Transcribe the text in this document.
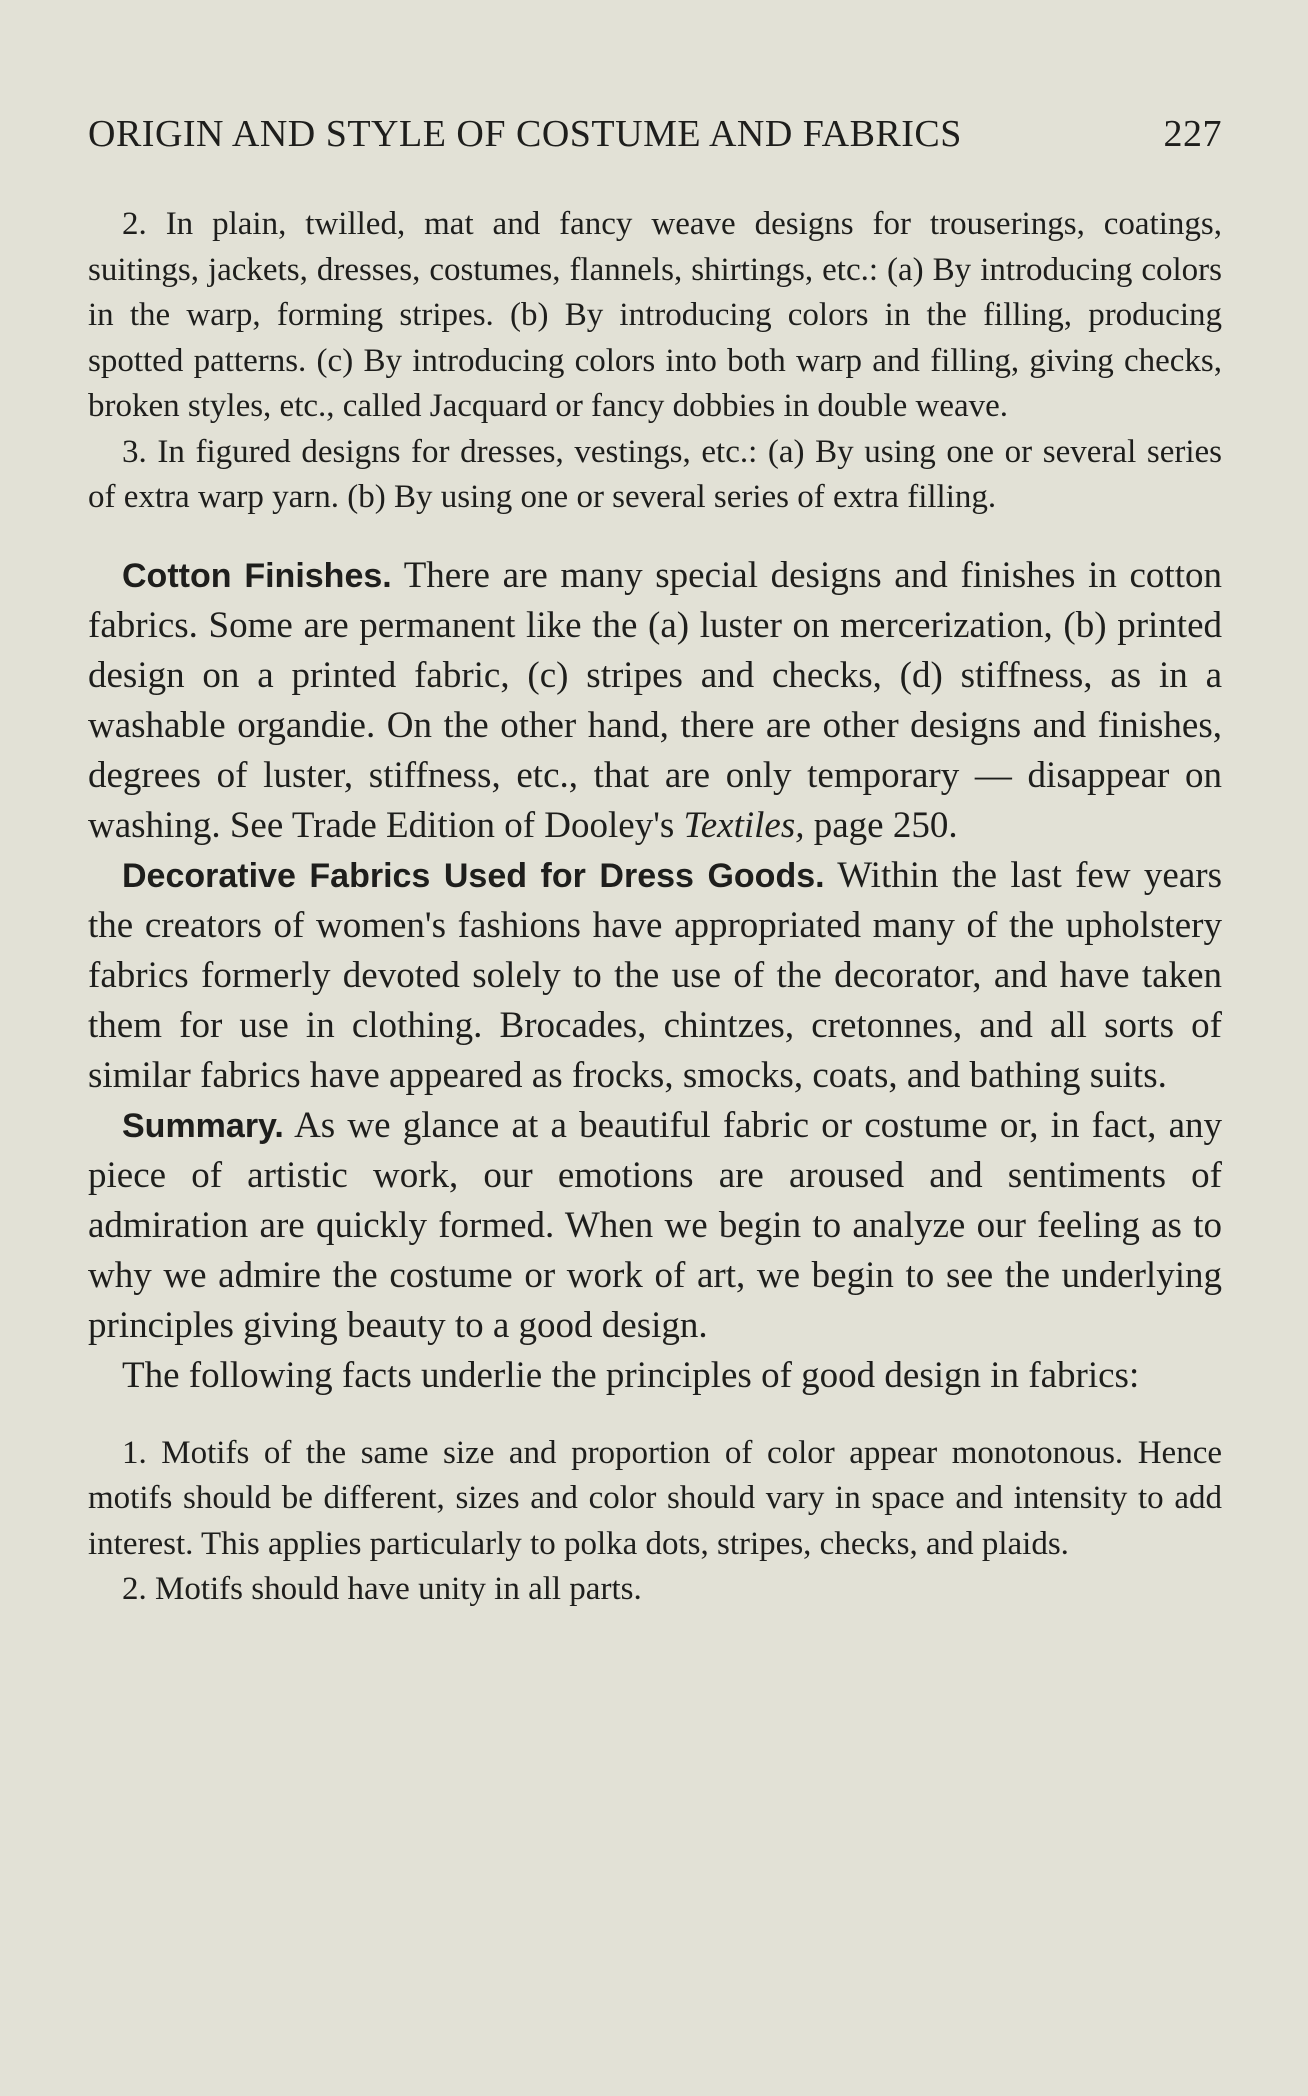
ORIGIN AND STYLE OF COSTUME AND FABRICS	227

2. In plain, twilled, mat and fancy weave designs for trouserings, coatings, suitings, jackets, dresses, costumes, flannels, shirtings, etc.: (a) By introducing colors in the warp, forming stripes. (b) By introducing colors in the filling, producing spotted patterns. (c) By introducing colors into both warp and filling, giving checks, broken styles, etc., called Jacquard or fancy dobbies in double weave.

3. In figured designs for dresses, vestings, etc.: (a) By using one or several series of extra warp yarn. (b) By using one or several series of extra filling.

Cotton Finishes. There are many special designs and finishes in cotton fabrics. Some are permanent like the (a) luster on mercerization, (b) printed design on a printed fabric, (c) stripes and checks, (d) stiffness, as in a washable organdie. On the other hand, there are other designs and finishes, degrees of luster, stiffness, etc., that are only temporary — disappear on washing. See Trade Edition of Dooley's Textiles, page 250.

Decorative Fabrics Used for Dress Goods. Within the last few years the creators of women's fashions have appropriated many of the upholstery fabrics formerly devoted solely to the use of the decorator, and have taken them for use in clothing. Brocades, chintzes, cretonnes, and all sorts of similar fabrics have appeared as frocks, smocks, coats, and bathing suits.

Summary. As we glance at a beautiful fabric or costume or, in fact, any piece of artistic work, our emotions are aroused and sentiments of admiration are quickly formed. When we begin to analyze our feeling as to why we admire the costume or work of art, we begin to see the underlying principles giving beauty to a good design.

The following facts underlie the principles of good design in fabrics:

1. Motifs of the same size and proportion of color appear monotonous. Hence motifs should be different, sizes and color should vary in space and intensity to add interest. This applies particularly to polka dots, stripes, checks, and plaids.

2. Motifs should have unity in all parts.
